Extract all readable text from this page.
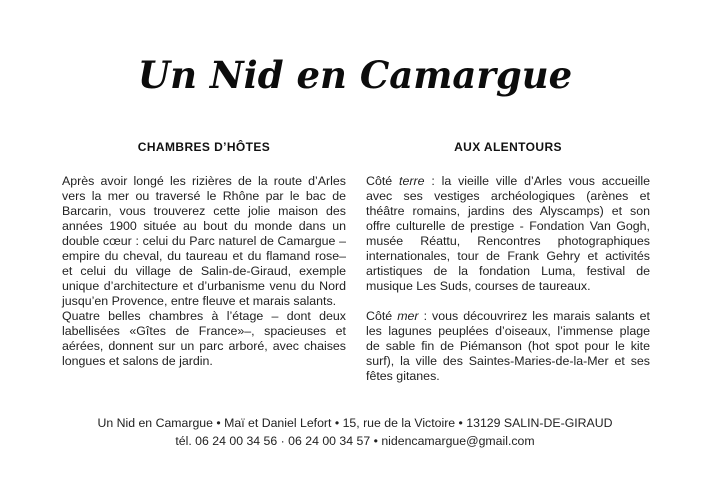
Un Nid en Camargue
CHAMBRES D’HÔTES	AUX ALENTOURS

Après avoir longé les rizières de la route d’Arles vers la mer ou traversé le Rhône par le bac de Barcarin, vous trouverez cette jolie maison des années 1900 située au bout du monde dans un double cœur : celui du Parc naturel de Camargue –empire du cheval, du taureau et du flamand rose– et celui du village de Salin-de-Giraud, exemple unique d’architecture et d’urbanisme venu du Nord jusqu’en Provence, entre fleuve et marais salants.

Quatre belles chambres à l’étage – dont deux labellisées «Gîtes de France»–, spacieuses et aérées, donnent sur un parc arboré, avec chaises longues et salons de jardin.

Côté terre : la vieille ville d’Arles vous accueille avec ses vestiges archéologiques (arènes et théâtre romains, jardins des Alyscamps) et son offre culturelle de prestige - Fondation Van Gogh, musée Réattu, Rencontres photographiques internationales, tour de Frank Gehry et activités artistiques de la fondation Luma, festival de musique Les Suds, courses de taureaux.

Côté mer : vous découvrirez les marais salants et les lagunes peuplées d’oiseaux, l’immense plage de sable fin de Piémanson (hot spot pour le kite surf), la ville des Saintes-Maries-de-la-Mer et ses fêtes gitanes.

Un Nid en Camargue • Maï et Daniel Lefort • 15, rue de la Victoire • 13129 SALIN-DE-GIRAUD
tél. 06 24 00 34 56 · 06 24 00 34 57 • nidencamargue@gmail.com
